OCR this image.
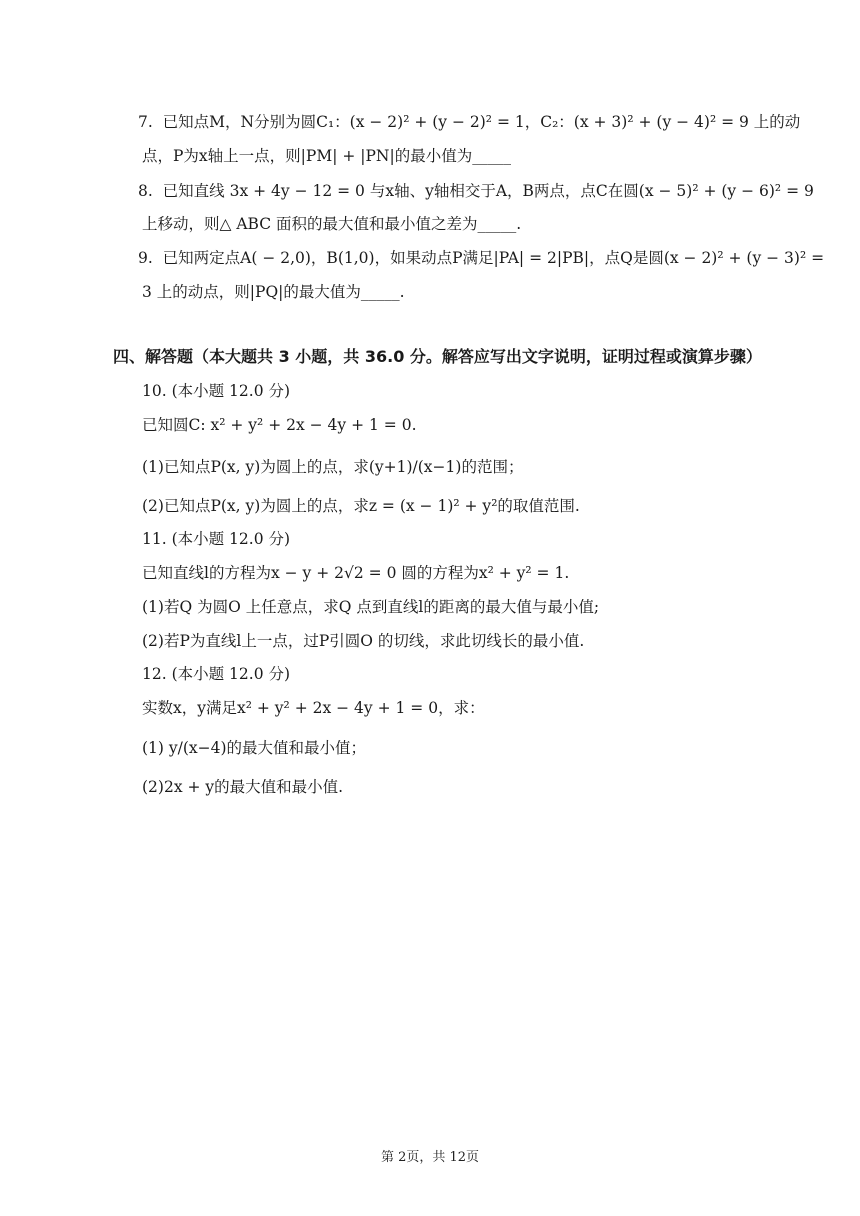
7. 已知点M，N分别为圆C₁：(x − 2)² + (y − 2)² = 1，C₂：(x + 3)² + (y − 4)² = 9 上的动
点，P为x轴上一点，则|PM| + |PN|的最小值为_____
8. 已知直线 3x + 4y − 12 = 0 与x轴、y轴相交于A，B两点，点C在圆(x − 5)² + (y − 6)² = 9
上移动，则△ ABC 面积的最大值和最小值之差为_____.
9. 已知两定点A( − 2,0)，B(1,0)，如果动点P满足|PA| = 2|PB|，点Q是圆(x − 2)² + (y − 3)² =
3 上的动点，则|PQ|的最大值为_____.
四、解答题（本大题共 3 小题，共 36.0 分。解答应写出文字说明，证明过程或演算步骤）
10. (本小题 12.0 分)
已知圆C: x² + y² + 2x − 4y + 1 = 0.
(1)已知点P(x, y)为圆上的点，求(y+1)/(x−1)的范围；
(2)已知点P(x, y)为圆上的点，求z = (x − 1)² + y²的取值范围.
11. (本小题 12.0 分)
已知直线l的方程为x − y + 2√2 = 0 圆的方程为x² + y² = 1.
(1)若Q 为圆O 上任意点，求Q 点到直线l的距离的最大值与最小值;
(2)若P为直线l上一点，过P引圆O 的切线，求此切线长的最小值.
12. (本小题 12.0 分)
实数x，y满足x² + y² + 2x − 4y + 1 = 0，求：
(1) y/(x−4)的最大值和最小值；
(2)2x + y的最大值和最小值.
第 2页，共 12页
